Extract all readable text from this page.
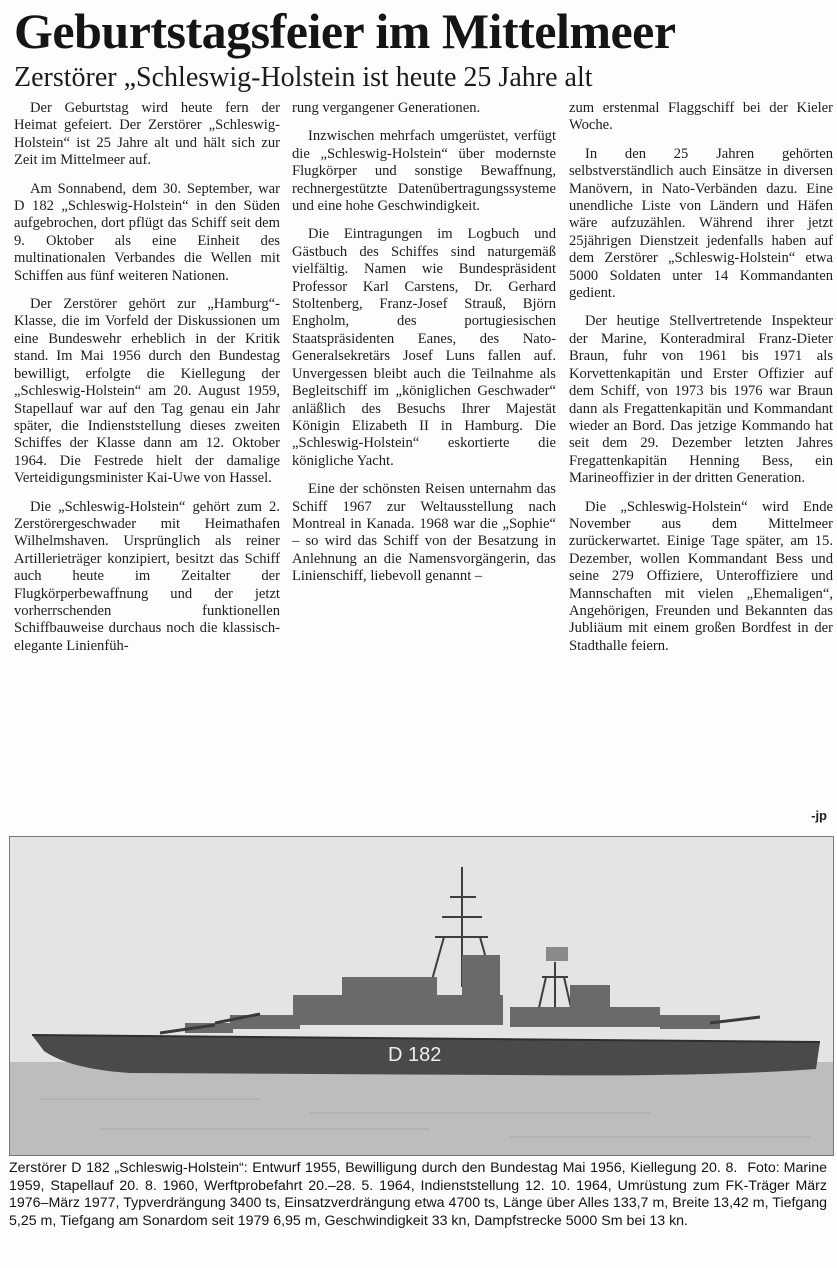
Geburtstagsfeier im Mittelmeer
Zerstörer „Schleswig-Holstein ist heute 25 Jahre alt

Der Geburtstag wird heute fern der Heimat gefeiert. Der Zerstörer „Schleswig-Holstein“ ist 25 Jahre alt und hält sich zur Zeit im Mittelmeer auf.

Am Sonnabend, dem 30. September, war D 182 „Schleswig-Holstein“ in den Süden aufgebrochen, dort pflügt das Schiff seit dem 9. Oktober als eine Einheit des multinationalen Verbandes die Wellen mit Schiffen aus fünf weiteren Nationen.

Der Zerstörer gehört zur „Hamburg“-Klasse, die im Vorfeld der Diskussionen um eine Bundeswehr erheblich in der Kritik stand. Im Mai 1956 durch den Bundestag bewilligt, erfolgte die Kiellegung der „Schleswig-Holstein“ am 20. August 1959, Stapellauf war auf den Tag genau ein Jahr später, die Indienststellung dieses zweiten Schiffes der Klasse dann am 12. Oktober 1964. Die Festrede hielt der damalige Verteidigungsminister Kai-Uwe von Hassel.

Die „Schleswig-Holstein“ gehört zum 2. Zerstörergeschwader mit Heimathafen Wilhelmshaven. Ursprünglich als reiner Artillerieträger konzipiert, besitzt das Schiff auch heute im Zeitalter der Flugkörperbewaffnung und der jetzt vorherrschenden funktionellen Schiffbauweise durchaus noch die klassisch-elegante Linienfüh-

rung vergangener Generationen.

Inzwischen mehrfach umgerüstet, verfügt die „Schleswig-Holstein“ über modernste Flugkörper und sonstige Bewaffnung, rechnergestützte Datenübertragungssysteme und eine hohe Geschwindigkeit.

Die Eintragungen im Logbuch und Gästbuch des Schiffes sind naturgemäß vielfältig. Namen wie Bundespräsident Professor Karl Carstens, Dr. Gerhard Stoltenberg, Franz-Josef Strauß, Björn Engholm, des portugiesischen Staatspräsidenten Eanes, des Nato-Generalsekretärs Josef Luns fallen auf. Unvergessen bleibt auch die Teilnahme als Begleitschiff im „königlichen Geschwader“ anläßlich des Besuchs Ihrer Majestät Königin Elizabeth II in Hamburg. Die „Schleswig-Holstein“ eskortierte die königliche Yacht.

Eine der schönsten Reisen unternahm das Schiff 1967 zur Weltausstellung nach Montreal in Kanada. 1968 war die „Sophie“ – so wird das Schiff von der Besatzung in Anlehnung an die Namensvorgängerin, das Linienschiff, liebevoll genannt –

zum erstenmal Flaggschiff bei der Kieler Woche.

In den 25 Jahren gehörten selbstverständlich auch Einsätze in diversen Manövern, in Nato-Verbänden dazu. Eine unendliche Liste von Ländern und Häfen wäre aufzuzählen. Während ihrer jetzt 25jährigen Dienstzeit jedenfalls haben auf dem Zerstörer „Schleswig-Holstein“ etwa 5000 Soldaten unter 14 Kommandanten gedient.

Der heutige Stellvertretende Inspekteur der Marine, Konteradmiral Franz-Dieter Braun, fuhr von 1961 bis 1971 als Korvettenkapitän und Erster Offizier auf dem Schiff, von 1973 bis 1976 war Braun dann als Fregattenkapitän und Kommandant wieder an Bord. Das jetzige Kommando hat seit dem 29. Dezember letzten Jahres Fregattenkapitän Henning Bess, ein Marineoffizier in der dritten Generation.

Die „Schleswig-Holstein“ wird Ende November aus dem Mittelmeer zurückerwartet. Einige Tage später, am 15. Dezember, wollen Kommandant Bess und seine 279 Offiziere, Unteroffiziere und Mannschaften mit vielen „Ehemaligen“, Angehörigen, Freunden und Bekannten das Jubliäum mit einem großen Bordfest in der Stadthalle feiern.

-jp
D 182
Foto: Marine
Zerstörer D 182 „Schleswig-Holstein“: Entwurf 1955, Bewilligung durch den Bundestag Mai 1956, Kiellegung 20. 8. 1959, Stapellauf 20. 8. 1960, Werftprobefahrt 20.–28. 5. 1964, Indienststellung 12. 10. 1964, Umrüstung zum FK-Träger März 1976–März 1977, Typverdrängung 3400 ts, Einsatzverdrängung etwa 4700 ts, Länge über Alles 133,7 m, Breite 13,42 m, Tiefgang 5,25 m, Tiefgang am Sonardom seit 1979 6,95 m, Geschwindigkeit 33 kn, Dampfstrecke 5000 Sm bei 13 kn.
